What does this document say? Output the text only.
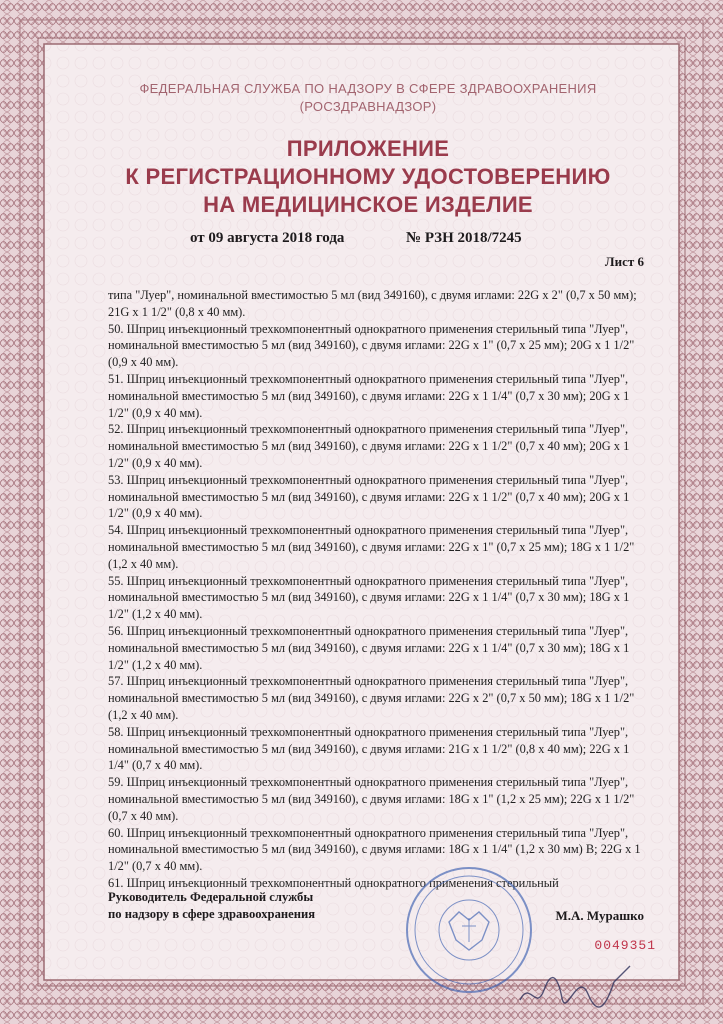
ФЕДЕРАЛЬНАЯ СЛУЖБА ПО НАДЗОРУ В СФЕРЕ ЗДРАВООХРАНЕНИЯ
(РОСЗДРАВНАДЗОР)
ПРИЛОЖЕНИЕ
К РЕГИСТРАЦИОННОМУ УДОСТОВЕРЕНИЮ
НА МЕДИЦИНСКОЕ ИЗДЕЛИЕ
от 09 августа 2018 года	№ РЗН 2018/7245
Лист 6

типа "Луер", номинальной вместимостью 5 мл (вид 349160), с двумя иглами: 22G x 2" (0,7 x 50 мм); 21G x 1 1/2" (0,8 x 40 мм).

50. Шприц инъекционный трехкомпонентный однократного применения стерильный типа "Луер", номинальной вместимостью 5 мл (вид 349160), с двумя иглами: 22G x 1" (0,7 x 25 мм); 20G x 1 1/2" (0,9 x 40 мм).

51. Шприц инъекционный трехкомпонентный однократного применения стерильный типа "Луер", номинальной вместимостью 5 мл (вид 349160), с двумя иглами: 22G x 1 1/4" (0,7 x 30 мм); 20G x 1 1/2" (0,9 x 40 мм).

52. Шприц инъекционный трехкомпонентный однократного применения стерильный типа "Луер", номинальной вместимостью 5 мл (вид 349160), с двумя иглами: 22G x 1 1/2" (0,7 x 40 мм); 20G x 1 1/2" (0,9 x 40 мм).

53. Шприц инъекционный трехкомпонентный однократного применения стерильный типа "Луер", номинальной вместимостью 5 мл (вид 349160), с двумя иглами: 22G x 1 1/2" (0,7 x 40 мм); 20G x 1 1/2" (0,9 x 40 мм).

54. Шприц инъекционный трехкомпонентный однократного применения стерильный типа "Луер", номинальной вместимостью 5 мл (вид 349160), с двумя иглами: 22G x 1" (0,7 x 25 мм); 18G x 1 1/2" (1,2 x 40 мм).

55. Шприц инъекционный трехкомпонентный однократного применения стерильный типа "Луер", номинальной вместимостью 5 мл (вид 349160), с двумя иглами: 22G x 1 1/4" (0,7 x 30 мм); 18G x 1 1/2" (1,2 x 40 мм).

56. Шприц инъекционный трехкомпонентный однократного применения стерильный типа "Луер", номинальной вместимостью 5 мл (вид 349160), с двумя иглами: 22G x 1 1/4" (0,7 x 30 мм); 18G x 1 1/2" (1,2 x 40 мм).

57. Шприц инъекционный трехкомпонентный однократного применения стерильный типа "Луер", номинальной вместимостью 5 мл (вид 349160), с двумя иглами: 22G x 2" (0,7 x 50 мм); 18G x 1 1/2" (1,2 x 40 мм).

58. Шприц инъекционный трехкомпонентный однократного применения стерильный типа "Луер", номинальной вместимостью 5 мл (вид 349160), с двумя иглами: 21G x 1 1/2" (0,8 x 40 мм); 22G x 1 1/4" (0,7 x 40 мм).

59. Шприц инъекционный трехкомпонентный однократного применения стерильный типа "Луер", номинальной вместимостью 5 мл (вид 349160), с двумя иглами: 18G x 1" (1,2 x 25 мм); 22G x 1 1/2" (0,7 x 40 мм).

60. Шприц инъекционный трехкомпонентный однократного применения стерильный типа "Луер", номинальной вместимостью 5 мл (вид 349160), с двумя иглами: 18G x 1 1/4" (1,2 x 30 мм) В; 22G x 1 1/2" (0,7 x 40 мм).

61. Шприц инъекционный трехкомпонентный однократного применения стерильный

Руководитель Федеральной службы
по надзору в сфере здравоохранения	М.А. Мурашко
0049351
